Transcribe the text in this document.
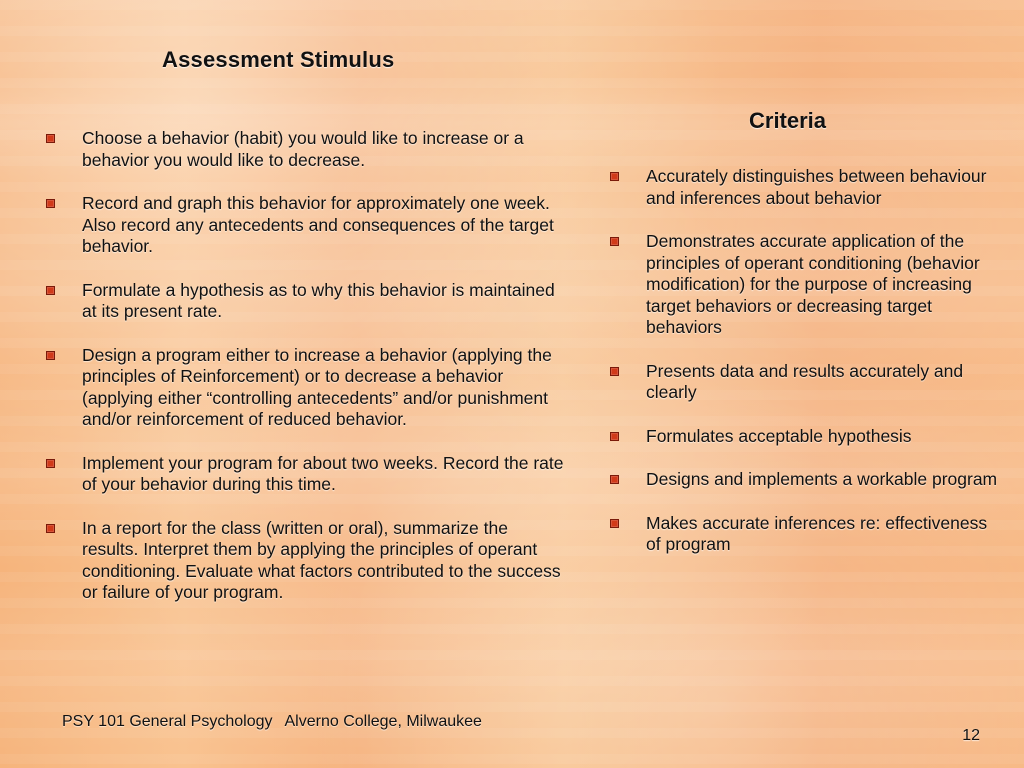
Assessment Stimulus
Criteria
Choose a behavior (habit) you would like to increase or a behavior you would like to decrease.
Record and graph this behavior for approximately one week. Also record any antecedents and consequences of the target behavior.
Formulate a hypothesis as to why this behavior is maintained at its present rate.
Design a program either to increase a behavior (applying the principles of Reinforcement) or to decrease a behavior (applying either “controlling antecedents” and/or punishment and/or reinforcement of reduced behavior.
Implement your program for about two weeks. Record the rate of your behavior during this time.
In a report for the class (written or oral), summarize the results. Interpret them by applying the principles of operant conditioning. Evaluate what factors contributed to the success or failure of your program.
Accurately distinguishes between behaviour and inferences about behavior
Demonstrates accurate application of the principles of operant conditioning (behavior modification) for the purpose of increasing target behaviors or decreasing target behaviors
Presents data and results accurately and clearly
Formulates acceptable hypothesis
Designs and implements a workable program
Makes accurate inferences re: effectiveness of program
PSY 101 General Psychology Alverno College, Milwaukee
12
